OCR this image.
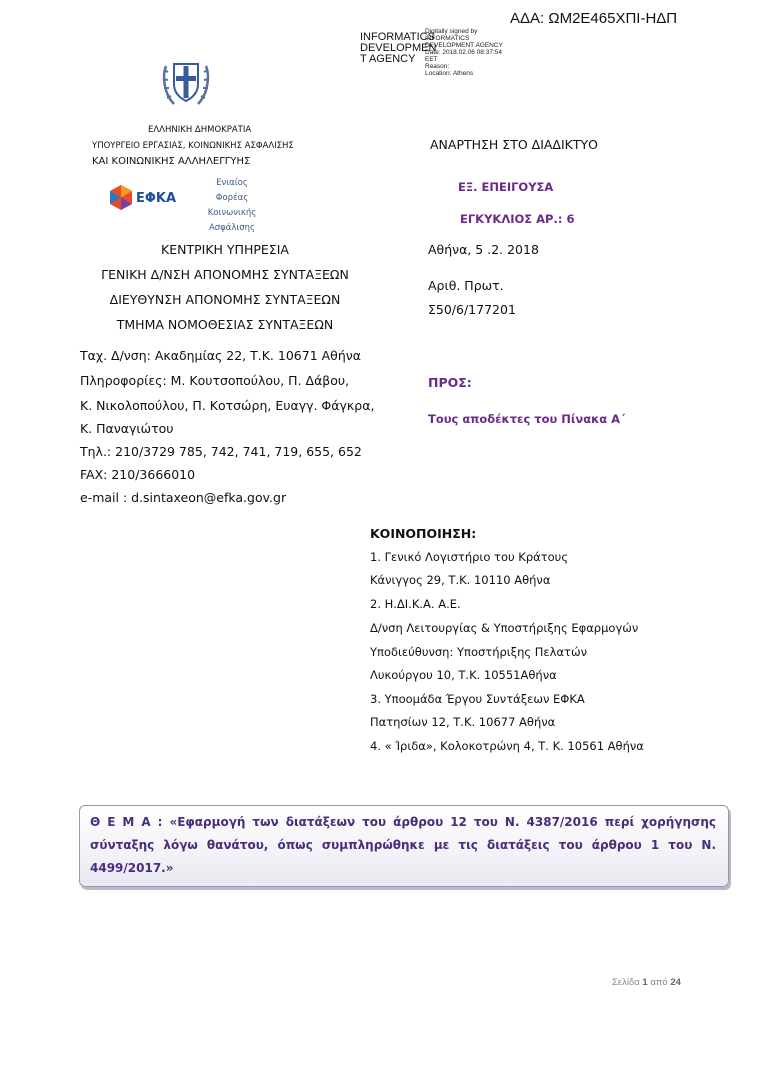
ΑΔΑ: ΩΜ2Ε465ΧΠΙ-ΗΔΠ
INFORMATICS
DEVELOPMEN
T AGENCY
Digitally signed by
INFORMATICS
DEVELOPMENT AGENCY
Date: 2018.02.06 08:37:54
EET
Reason:
Location: Athens
ΕΛΛΗΝΙΚΗ ΔΗΜΟΚΡΑΤΙΑ
ΥΠΟΥΡΓΕΙΟ ΕΡΓΑΣΙΑΣ, ΚΟΙΝΩΝΙΚΗΣ ΑΣΦΑΛΙΣΗΣ
ΚΑΙ ΚΟΙΝΩΝΙΚΗΣ ΑΛΛΗΛΕΓΓΥΗΣ
ΕΦΚΑ
Ενιαίος
Φορέας
Κοινωνικής
Ασφάλισης
ΑΝΑΡΤΗΣΗ ΣΤΟ ΔΙΑΔΙΚΤΥΟ
ΕΞ. ΕΠΕΙΓΟΥΣΑ
ΕΓΚΥΚΛΙΟΣ ΑΡ.: 6
ΚΕΝΤΡΙΚΗ ΥΠΗΡΕΣΙΑ
ΓΕΝΙΚΗ Δ/ΝΣΗ ΑΠΟΝΟΜΗΣ ΣΥΝΤΑΞΕΩΝ
ΔΙΕΥΘΥΝΣΗ ΑΠΟΝΟΜΗΣ ΣΥΝΤΑΞΕΩΝ
ΤΜΗΜΑ ΝΟΜΟΘΕΣΙΑΣ ΣΥΝΤΑΞΕΩΝ
Αθήνα, 5 .2. 2018
Αριθ. Πρωτ.
Σ50/6/177201
Ταχ. Δ/νση: Ακαδημίας 22, Τ.Κ. 10671 Αθήνα
Πληροφορίες: Μ. Κουτσοπούλου, Π. Δάβου,
Κ. Νικολοπούλου, Π. Κοτσώρη, Ευαγγ. Φάγκρα,
Κ. Παναγιώτου
Τηλ.: 210/3729 785, 742, 741, 719, 655, 652
FAX: 210/3666010
e-mail : d.sintaxeon@efka.gov.gr
ΠΡΟΣ:
Τους αποδέκτες του Πίνακα Α΄
ΚΟΙΝΟΠΟΙΗΣΗ:
1. Γενικό Λογιστήριο του Κράτους
Κάνιγγος 29, Τ.Κ. 10110 Αθήνα
2. Η.ΔΙ.Κ.Α. Α.Ε.
Δ/νση Λειτουργίας & Υποστήριξης Εφαρμογών
Υποδιεύθυνση: Υποστήριξης Πελατών
Λυκούργου 10, Τ.Κ. 10551Αθήνα
3. Υποομάδα Έργου Συντάξεων ΕΦΚΑ
Πατησίων 12, Τ.Κ. 10677 Αθήνα
4. « Ίριδα», Κολοκοτρώνη 4, Τ. Κ. 10561 Αθήνα
Θ Ε Μ Α : «Εφαρμογή των διατάξεων του άρθρου 12 του Ν. 4387/2016 περί χορήγησης σύνταξης λόγω θανάτου, όπως συμπληρώθηκε με τις διατάξεις του άρθρου 1 του Ν. 4499/2017.»
Σελίδα 1 από 24
